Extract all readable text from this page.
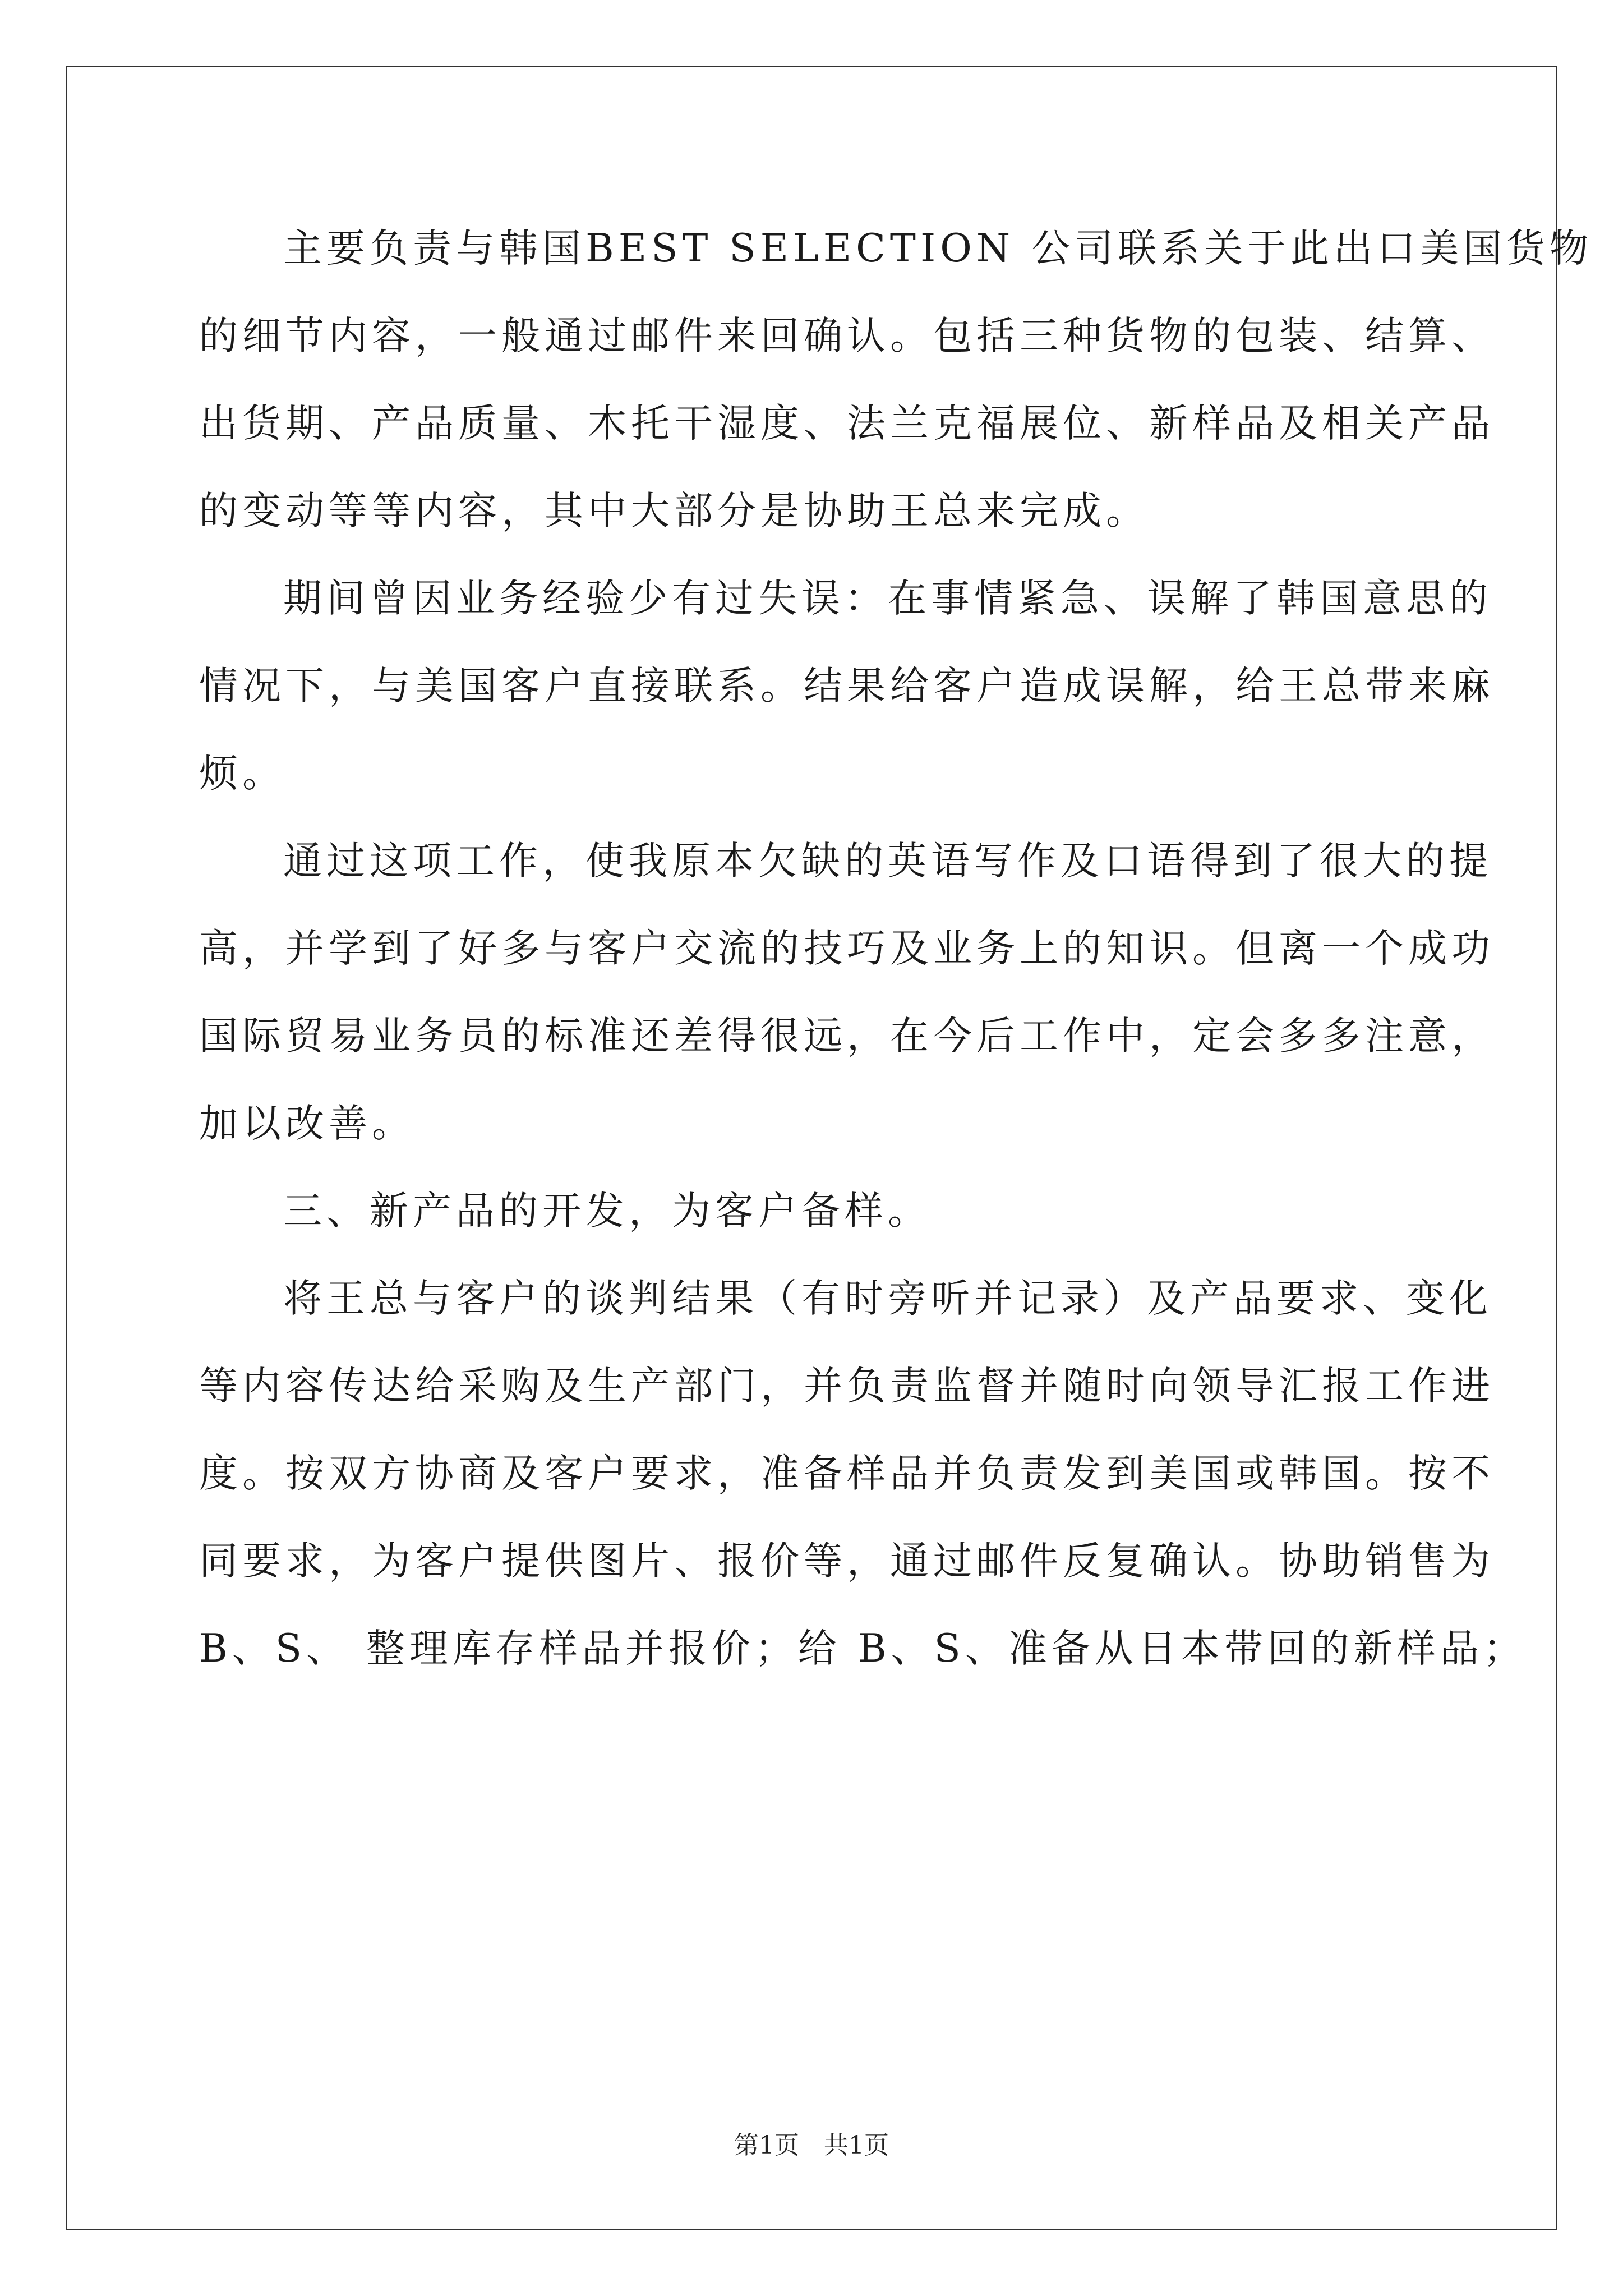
主要负责与韩国BEST SELECTION 公司联系关于此出口美国货物
的细节内容，一般通过邮件来回确认。包括三种货物的包装、结算、
出货期、产品质量、木托干湿度、法兰克福展位、新样品及相关产品
的变动等等内容，其中大部分是协助王总来完成。
期间曾因业务经验少有过失误：在事情紧急、误解了韩国意思的
情况下，与美国客户直接联系。结果给客户造成误解，给王总带来麻
烦。
通过这项工作，使我原本欠缺的英语写作及口语得到了很大的提
高，并学到了好多与客户交流的技巧及业务上的知识。但离一个成功
国际贸易业务员的标准还差得很远，在今后工作中，定会多多注意，
加以改善。
三、新产品的开发，为客户备样。
将王总与客户的谈判结果（有时旁听并记录）及产品要求、变化
等内容传达给采购及生产部门，并负责监督并随时向领导汇报工作进
度。按双方协商及客户要求，准备样品并负责发到美国或韩国。按不
同要求，为客户提供图片、报价等，通过邮件反复确认。协助销售为
B、S、 整理库存样品并报价；给 B、S、准备从日本带回的新样品；
第1页　共1页
